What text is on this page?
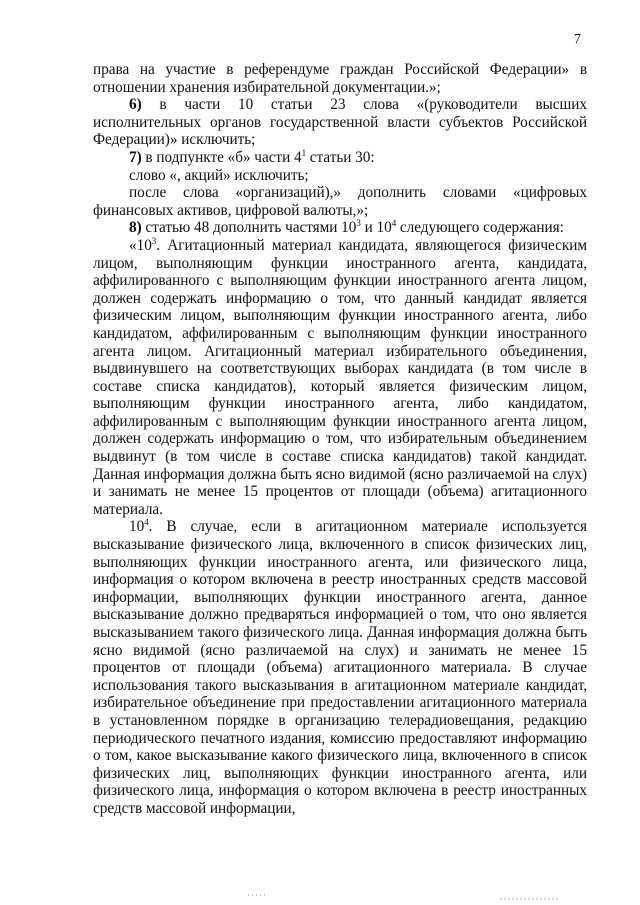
7

права на участие в референдуме граждан Российской Федерации» в отношении хранения избирательной документации.»;

6) в части 10 статьи 23 слова «(руководители высших исполнительных органов государственной власти субъектов Российской Федерации)» исключить;

7) в подпункте «б» части $4^1$ статьи 30:

слово «, акций» исключить;

после слова «организаций),» дополнить словами «цифровых финансовых активов, цифровой валюты,»;

8) статью 48 дополнить частями $10^3$ и $10^4$ следующего содержания:

«$10^3$. Агитационный материал кандидата, являющегося физическим лицом, выполняющим функции иностранного агента, кандидата, аффилированного с выполняющим функции иностранного агента лицом, должен содержать информацию о том, что данный кандидат является физическим лицом, выполняющим функции иностранного агента, либо кандидатом, аффилированным с выполняющим функции иностранного агента лицом. Агитационный материал избирательного объединения, выдвинувшего на соответствующих выборах кандидата (в том числе в составе списка кандидатов), который является физическим лицом, выполняющим функции иностранного агента, либо кандидатом, аффилированным с выполняющим функции иностранного агента лицом, должен содержать информацию о том, что избирательным объединением выдвинут (в том числе в составе списка кандидатов) такой кандидат. Данная информация должна быть ясно видимой (ясно различаемой на слух) и занимать не менее 15 процентов от площади (объема) агитационного материала.

$10^4$. В случае, если в агитационном материале используется высказывание физического лица, включенного в список физических лиц, выполняющих функции иностранного агента, или физического лица, информация о котором включена в реестр иностранных средств массовой информации, выполняющих функции иностранного агента, данное высказывание должно предваряться информацией о том, что оно является высказыванием такого физического лица. Данная информация должна быть ясно видимой (ясно различаемой на слух) и занимать не менее 15 процентов от площади (объема) агитационного материала. В случае использования такого высказывания в агитационном материале кандидат, избирательное объединение при предоставлении агитационного материала в установленном порядке в организацию телерадиовещания, редакцию периодического печатного издания, комиссию предоставляют информацию о том, какое высказывание какого физического лица, включенного в список физических лиц, выполняющих функции иностранного агента, или физического лица, информация о котором включена в реестр иностранных средств массовой информации,
